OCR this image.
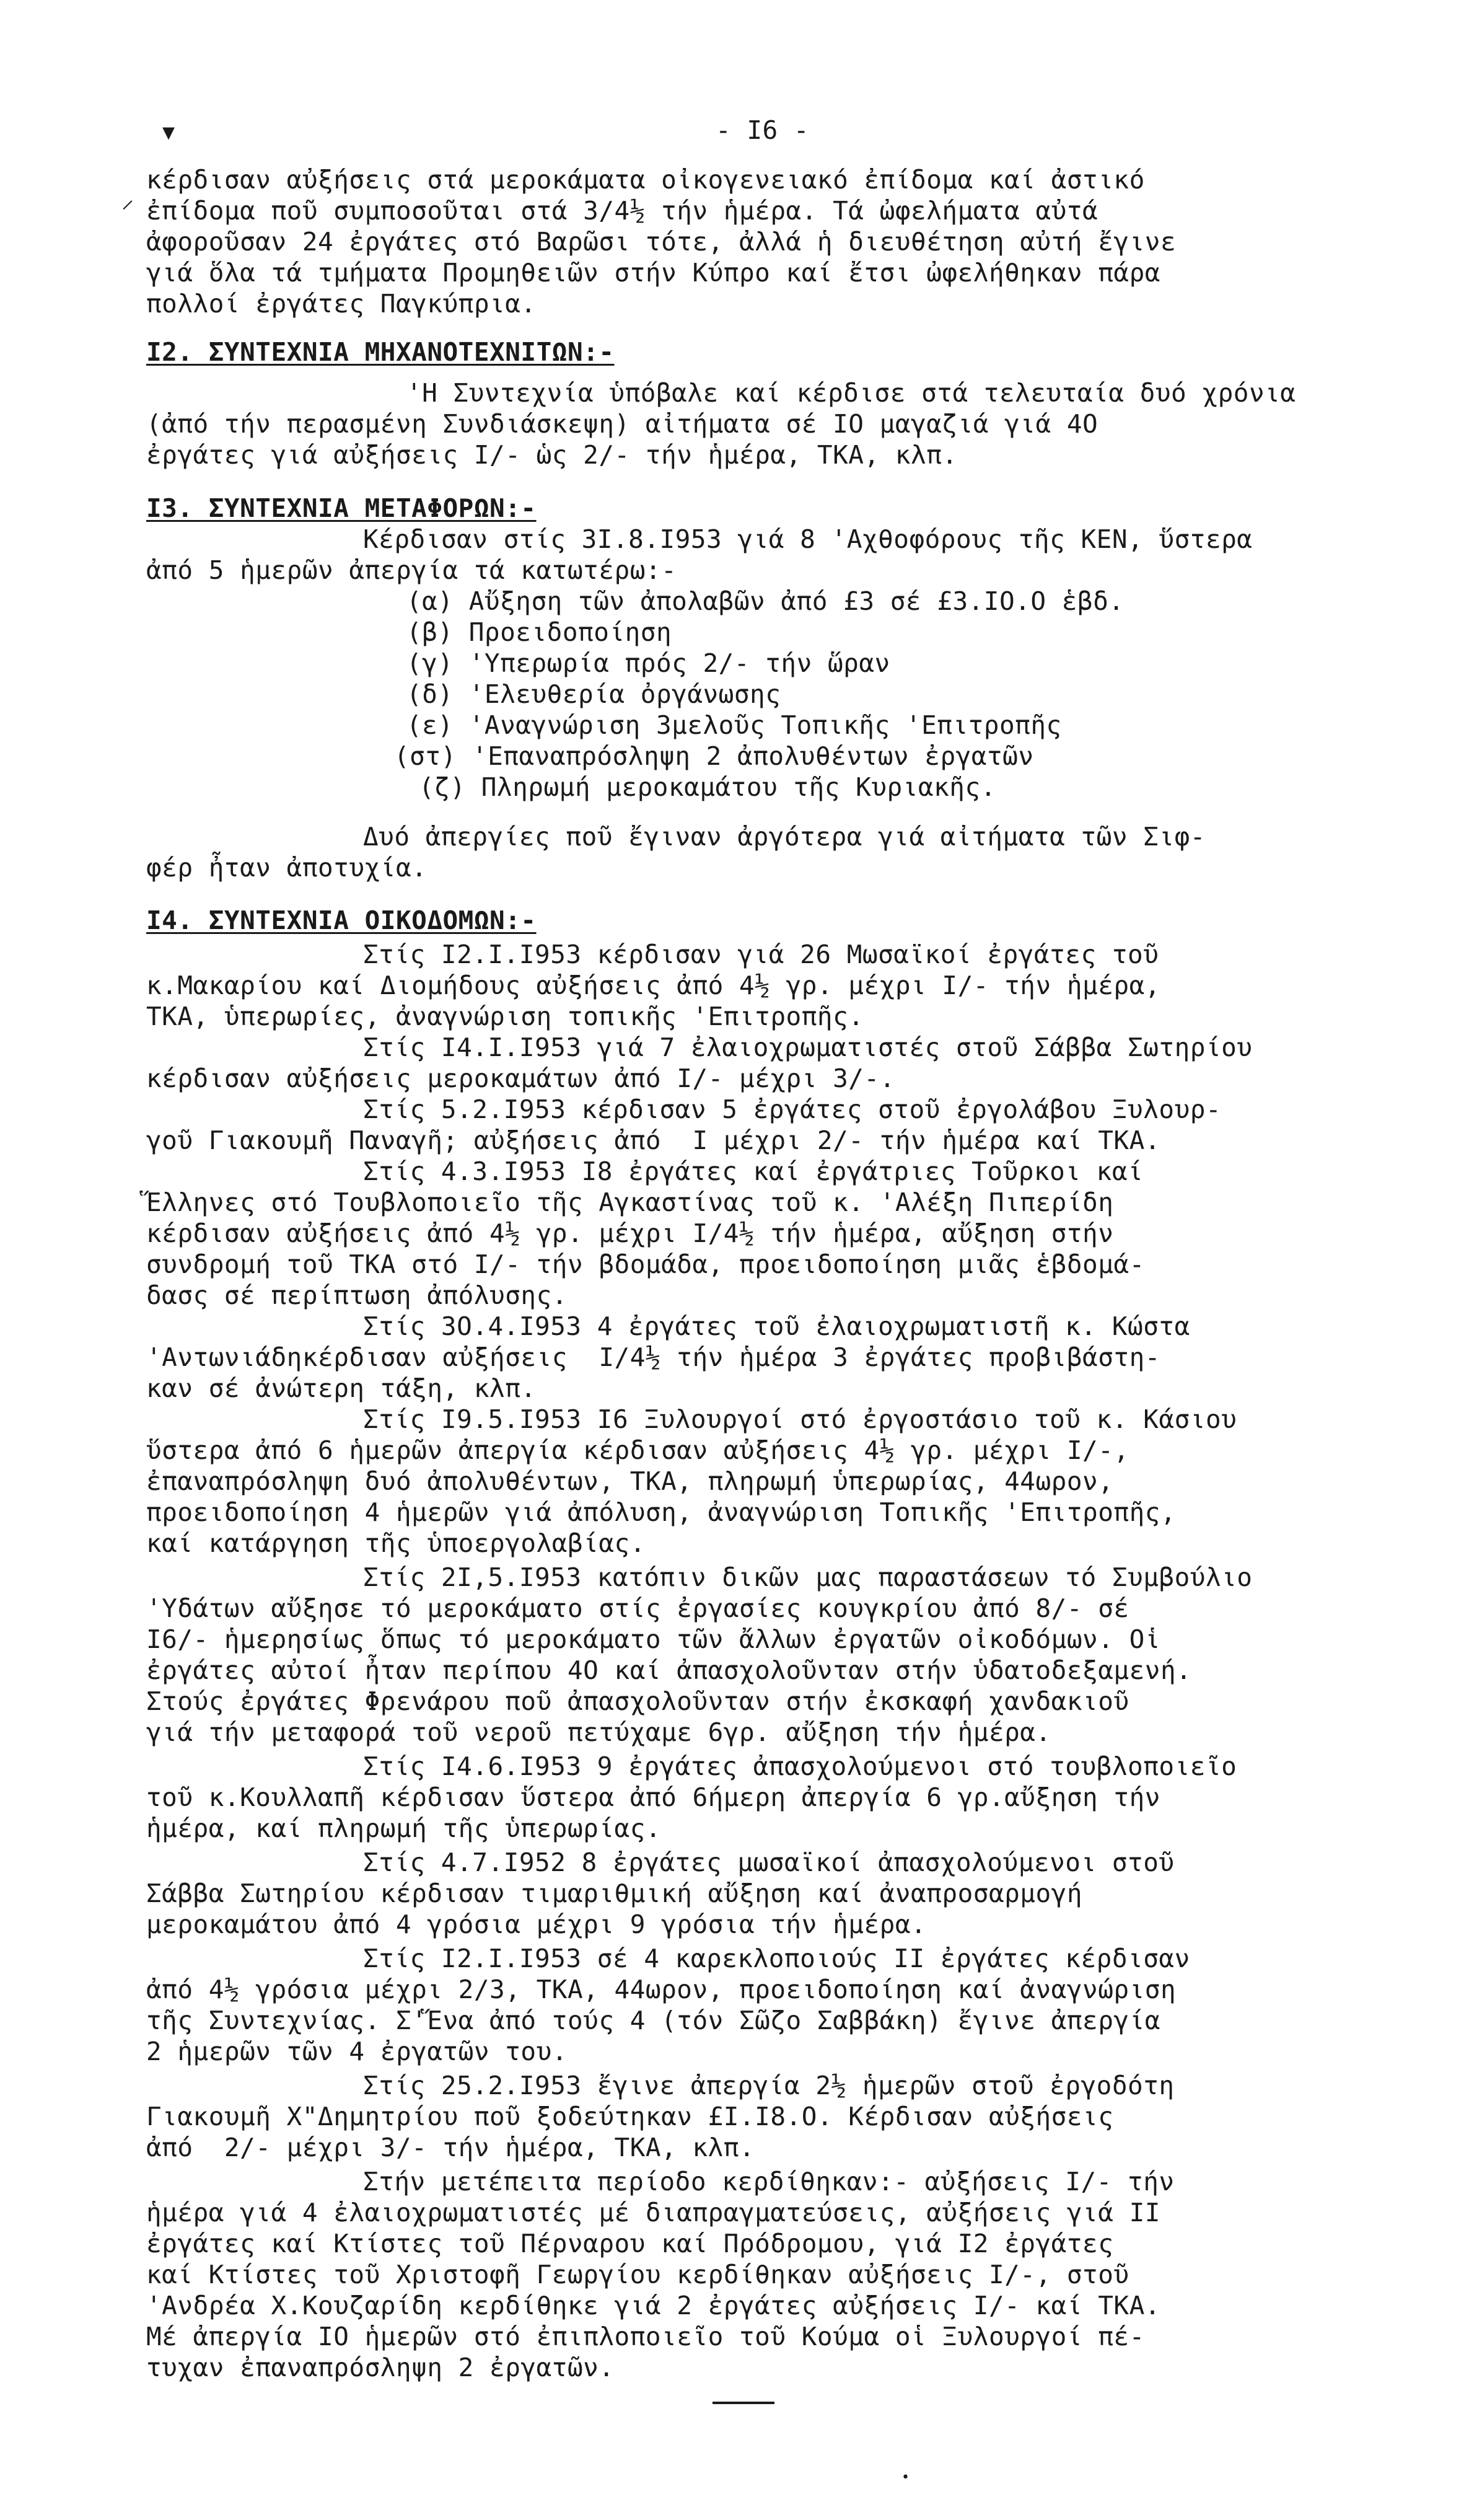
▾
⸝
- Ι6 -
κέρδισαν αὐξήσεις στά μεροκάματα οἰκογενειακό ἐπίδομα καί ἀστικό
ἐπίδομα ποῦ συμποσοῦται στά 3/4½ τήν ἡμέρα. Τά ὠφελήματα αὐτά
ἀφοροῦσαν 24 ἐργάτες στό Βαρῶσι τότε, ἀλλά ἡ διευθέτηση αὐτή ἔγινε
γιά ὅλα τά τμήματα Προμηθειῶν στήν Κύπρο καί ἔτσι ὠφελήθηκαν πάρα
πολλοί ἐργάτες Παγκύπρια.
Ι2. ΣΥΝΤΕΧΝΙΑ ΜΗΧΑΝΟΤΕΧΝΙΤΩΝ:-
'Η Συντεχνία ὑπόβαλε καί κέρδισε στά τελευταία δυό χρόνια
(ἀπό τήν περασμένη Συνδιάσκεψη) αἰτήματα σέ ΙΟ μαγαζιά γιά 4Ο
ἐργάτες γιά αὐξήσεις Ι/- ὡς 2/- τήν ἡμέρα, ΤΚΑ, κλπ.
Ι3. ΣΥΝΤΕΧΝΙΑ ΜΕΤΑΦΟΡΩΝ:-
Κέρδισαν στίς 3Ι.8.Ι953 γιά 8 'Αχθοφόρους τῆς ΚΕΝ, ὕστερα
ἀπό 5 ἡμερῶν ἀπεργία τά κατωτέρω:-
(α) Αὔξηση τῶν ἀπολαβῶν ἀπό £3 σέ £3.ΙΟ.Ο ἑβδ.
(β) Προειδοποίηση
(γ) 'Υπερωρία πρός 2/- τήν ὥραν
(δ) 'Ελευθερία ὀργάνωσης
(ε) 'Αναγνώριση 3μελοῦς Τοπικῆς 'Επιτροπῆς
(στ) 'Επαναπρόσληψη 2 ἀπολυθέντων ἐργατῶν
(ζ) Πληρωμή μεροκαμάτου τῆς Κυριακῆς.
Δυό ἀπεργίες ποῦ ἔγιναν ἀργότερα γιά αἰτήματα τῶν Σιφ-
φέρ ἦταν ἀποτυχία.
Ι4. ΣΥΝΤΕΧΝΙΑ ΟΙΚΟΔΟΜΩΝ:-
Στίς Ι2.Ι.Ι953 κέρδισαν γιά 26 Μωσαϊκοί ἐργάτες τοῦ
κ.Μακαρίου καί Διομήδους αὐξήσεις ἀπό 4½ γρ. μέχρι Ι/- τήν ἡμέρα,
ΤΚΑ, ὑπερωρίες, ἀναγνώριση τοπικῆς 'Επιτροπῆς.
Στίς Ι4.Ι.Ι953 γιά 7 ἐλαιοχρωματιστές στοῦ Σάββα Σωτηρίου
κέρδισαν αὐξήσεις μεροκαμάτων ἀπό Ι/- μέχρι 3/-.
Στίς 5.2.Ι953 κέρδισαν 5 ἐργάτες στοῦ ἐργολάβου Ξυλουρ-
γοῦ Γιακουμῆ Παναγῆ; αὐξήσεις ἀπό  Ι μέχρι 2/- τήν ἡμέρα καί ΤΚΑ.
Στίς 4.3.Ι953 Ι8 ἐργάτες καί ἐργάτριες Τοῦρκοι καί
Ἕλληνες στό Τουβλοποιεῖο τῆς Αγκαστίνας τοῦ κ. 'Αλέξη Πιπερίδη
κέρδισαν αὐξήσεις ἀπό 4½ γρ. μέχρι Ι/4½ τήν ἡμέρα, αὔξηση στήν
συνδρομή τοῦ ΤΚΑ στό Ι/- τήν βδομάδα, προειδοποίηση μιᾶς ἑβδομά-
δασς σέ περίπτωση ἀπόλυσης.
Στίς 3Ο.4.Ι953 4 ἐργάτες τοῦ ἐλαιοχρωματιστῆ κ. Κώστα
'Αντωνιάδηκέρδισαν αὐξήσεις  Ι/4½ τήν ἡμέρα 3 ἐργάτες προβιβάστη-
καν σέ ἀνώτερη τάξη, κλπ.
Στίς Ι9.5.Ι953 Ι6 Ξυλουργοί στό ἐργοστάσιο τοῦ κ. Κάσιου
ὕστερα ἀπό 6 ἡμερῶν ἀπεργία κέρδισαν αὐξήσεις 4½ γρ. μέχρι Ι/-,
ἐπαναπρόσληψη δυό ἀπολυθέντων, ΤΚΑ, πληρωμή ὑπερωρίας, 44ωρον,
προειδοποίηση 4 ἡμερῶν γιά ἀπόλυση, ἀναγνώριση Τοπικῆς 'Επιτροπῆς,
καί κατάργηση τῆς ὑποεργολαβίας.
Στίς 2Ι,5.Ι953 κατόπιν δικῶν μας παραστάσεων τό Συμβούλιο
'Υδάτων αὔξησε τό μεροκάματο στίς ἐργασίες κουγκρίου ἀπό 8/- σέ
Ι6/- ἡμερησίως ὅπως τό μεροκάματο τῶν ἄλλων ἐργατῶν οἰκοδόμων. Οἱ
ἐργάτες αὐτοί ἦταν περίπου 4Ο καί ἀπασχολοῦνταν στήν ὑδατοδεξαμενή.
Στούς ἐργάτες Φρενάρου ποῦ ἀπασχολοῦνταν στήν ἐκσκαφή χανδακιοῦ
γιά τήν μεταφορά τοῦ νεροῦ πετύχαμε 6γρ. αὔξηση τήν ἡμέρα.
Στίς Ι4.6.Ι953 9 ἐργάτες ἀπασχολούμενοι στό τουβλοποιεῖο
τοῦ κ.Κουλλαπῆ κέρδισαν ὕστερα ἀπό 6ήμερη ἀπεργία 6 γρ.αὔξηση τήν
ἡμέρα, καί πληρωμή τῆς ὑπερωρίας.
Στίς 4.7.Ι952 8 ἐργάτες μωσαϊκοί ἀπασχολούμενοι στοῦ
Σάββα Σωτηρίου κέρδισαν τιμαριθμική αὔξηση καί ἀναπροσαρμογή
μεροκαμάτου ἀπό 4 γρόσια μέχρι 9 γρόσια τήν ἡμέρα.
Στίς Ι2.Ι.Ι953 σέ 4 καρεκλοποιούς ΙΙ ἐργάτες κέρδισαν
ἀπό 4½ γρόσια μέχρι 2/3, ΤΚΑ, 44ωρον, προειδοποίηση καί ἀναγνώριση
τῆς Συντεχνίας. Σ'Ἕνα ἀπό τούς 4 (τόν Σῶζο Σαββάκη) ἔγινε ἀπεργία
2 ἡμερῶν τῶν 4 ἐργατῶν του.
Στίς 25.2.Ι953 ἔγινε ἀπεργία 2½ ἡμερῶν στοῦ ἐργοδότη
Γιακουμῆ Χ"Δημητρίου ποῦ ξοδεύτηκαν £Ι.Ι8.Ο. Κέρδισαν αὐξήσεις
ἀπό  2/- μέχρι 3/- τήν ἡμέρα, ΤΚΑ, κλπ.
Στήν μετέπειτα περίοδο κερδίθηκαν:- αὐξήσεις Ι/- τήν
ἡμέρα γιά 4 ἐλαιοχρωματιστές μέ διαπραγματεύσεις, αὐξήσεις γιά ΙΙ
ἐργάτες καί Κτίστες τοῦ Πέρναρου καί Πρόδρομου, γιά Ι2 ἐργάτες
καί Κτίστες τοῦ Χριστοφῆ Γεωργίου κερδίθηκαν αὐξήσεις Ι/-, στοῦ
'Ανδρέα Χ.Κουζαρίδη κερδίθηκε γιά 2 ἐργάτες αὐξήσεις Ι/- καί ΤΚΑ.
Μέ ἀπεργία ΙΟ ἡμερῶν στό ἐπιπλοποιεῖο τοῦ Κούμα οἱ Ξυλουργοί πέ-
τυχαν ἐπαναπρόσληψη 2 ἐργατῶν.
•
